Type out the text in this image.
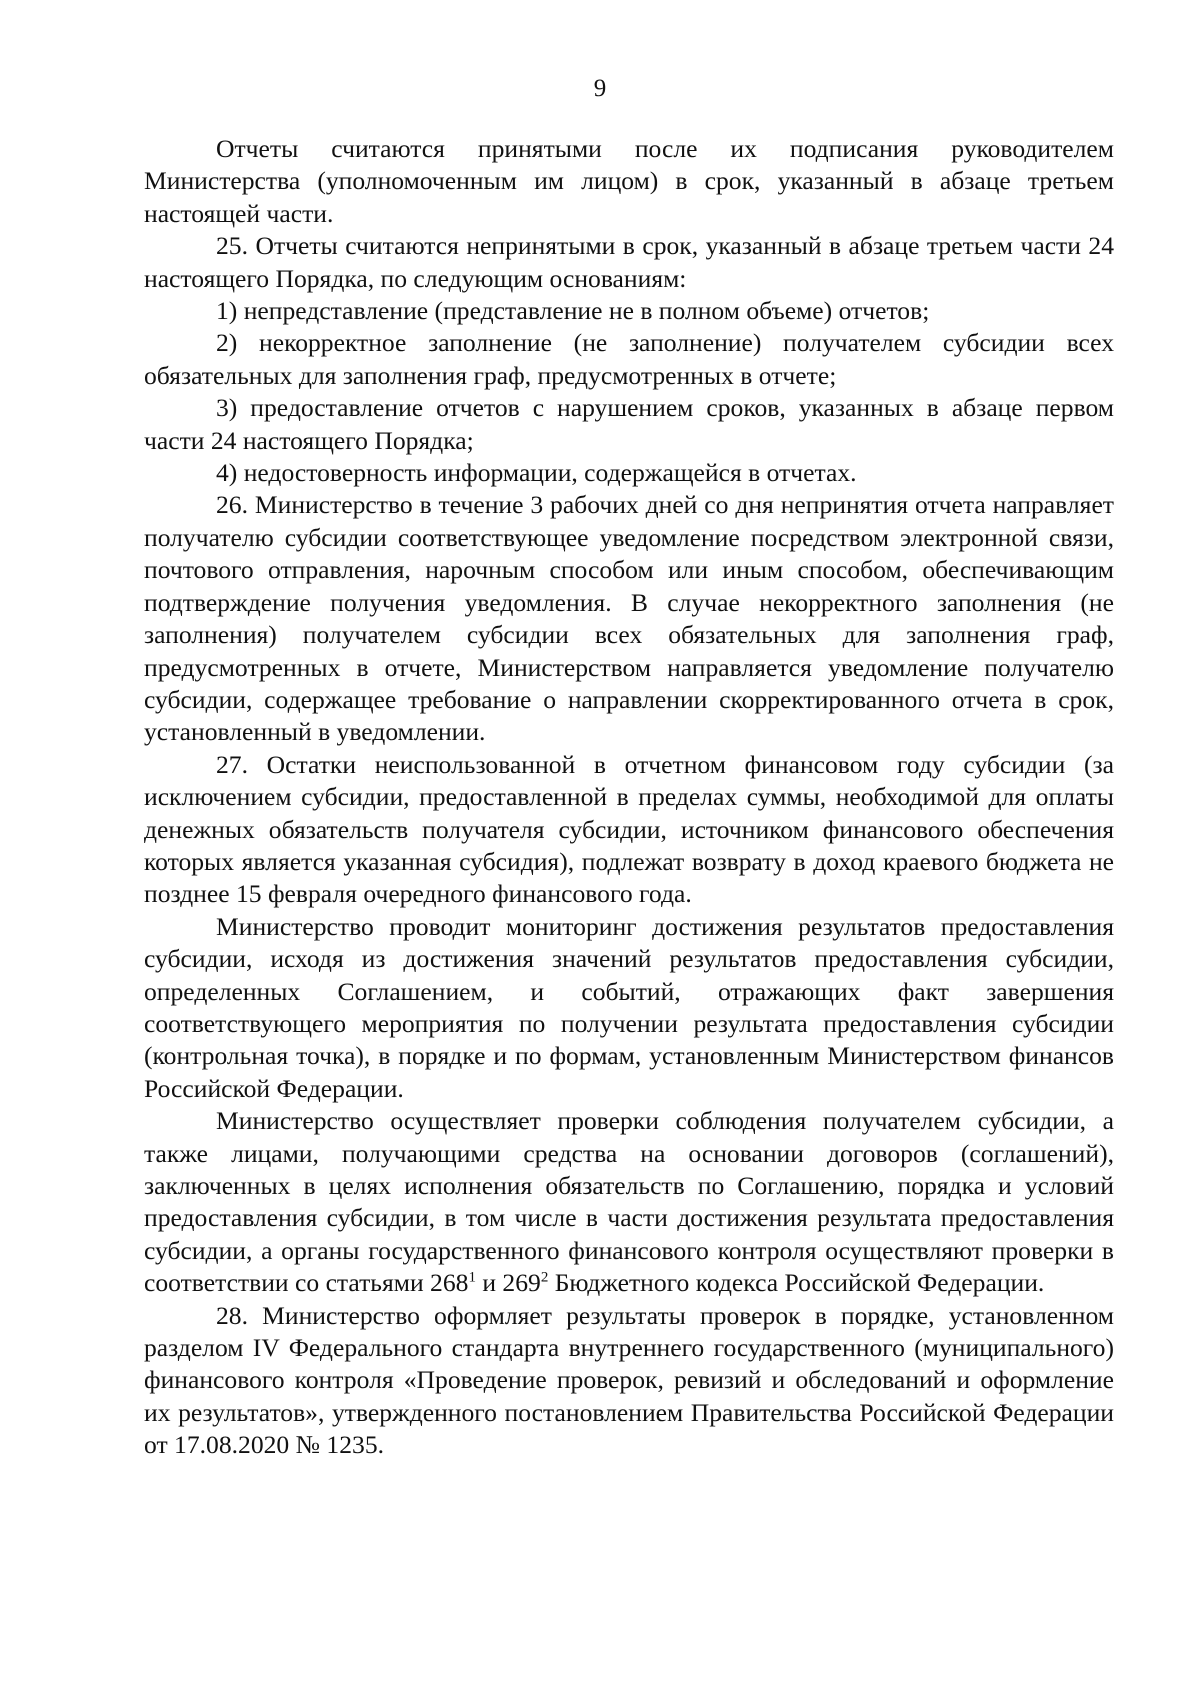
9

Отчеты считаются принятыми после их подписания руководителем Министерства (уполномоченным им лицом) в срок, указанный в абзаце третьем настоящей части.

25. Отчеты считаются непринятыми в срок, указанный в абзаце третьем части 24 настоящего Порядка, по следующим основаниям:

1) непредставление (представление не в полном объеме) отчетов;

2) некорректное заполнение (не заполнение) получателем субсидии всех обязательных для заполнения граф, предусмотренных в отчете;

3) предоставление отчетов с нарушением сроков, указанных в абзаце первом части 24 настоящего Порядка;

4) недостоверность информации, содержащейся в отчетах.

26. Министерство в течение 3 рабочих дней со дня непринятия отчета направляет получателю субсидии соответствующее уведомление посредством электронной связи, почтового отправления, нарочным способом или иным способом, обеспечивающим подтверждение получения уведомления. В случае некорректного заполнения (не заполнения) получателем субсидии всех обязательных для заполнения граф, предусмотренных в отчете, Министерством направляется уведомление получателю субсидии, содержащее требование о направлении скорректированного отчета в срок, установленный в уведомлении.

27. Остатки неиспользованной в отчетном финансовом году субсидии (за исключением субсидии, предоставленной в пределах суммы, необходимой для оплаты денежных обязательств получателя субсидии, источником финансового обеспечения которых является указанная субсидия), подлежат возврату в доход краевого бюджета не позднее 15 февраля очередного финансового года.

Министерство проводит мониторинг достижения результатов предоставления субсидии, исходя из достижения значений результатов предоставления субсидии, определенных Соглашением, и событий, отражающих факт завершения соответствующего мероприятия по получении результата предоставления субсидии (контрольная точка), в порядке и по формам, установленным Министерством финансов Российской Федерации.

Министерство осуществляет проверки соблюдения получателем субсидии, а также лицами, получающими средства на основании договоров (соглашений), заключенных в целях исполнения обязательств по Соглашению, порядка и условий предоставления субсидии, в том числе в части достижения результата предоставления субсидии, а органы государственного финансового контроля осуществляют проверки в соответствии со статьями $268^1$ и $269^2$ Бюджетного кодекса Российской Федерации.

28. Министерство оформляет результаты проверок в порядке, установленном разделом IV Федерального стандарта внутреннего государственного (муниципального) финансового контроля «Проведение проверок, ревизий и обследований и оформление их результатов», утвержденного постановлением Правительства Российской Федерации от 17.08.2020 № 1235.
